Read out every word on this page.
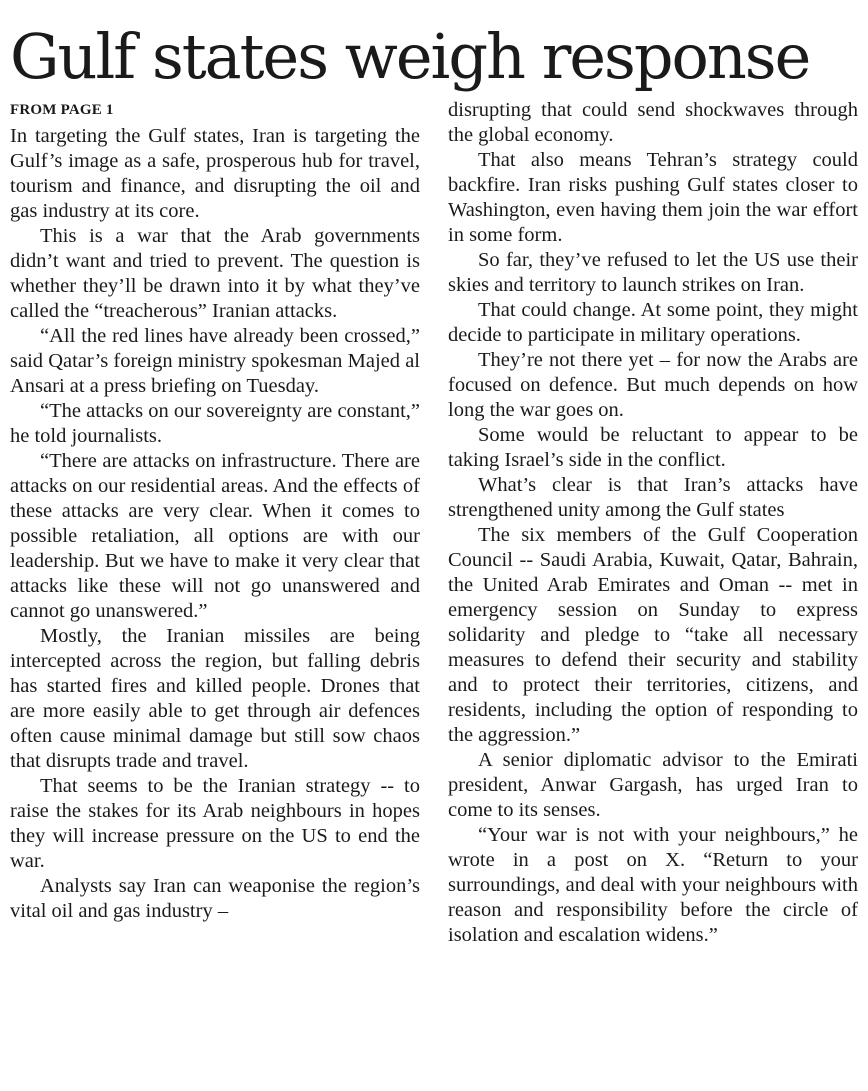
Gulf states weigh response
FROM PAGE 1

In targeting the Gulf states, Iran is targeting the Gulf’s image as a safe, prosperous hub for travel, tourism and finance, and disrupting the oil and gas industry at its core.

This is a war that the Arab governments didn’t want and tried to prevent. The question is whether they’ll be drawn into it by what they’ve called the “treacherous” Iranian attacks.

“All the red lines have already been crossed,” said Qatar’s foreign ministry spokesman Majed al Ansari at a press briefing on Tuesday.

“The attacks on our sovereignty are constant,” he told journalists.

“There are attacks on infrastructure. There are attacks on our residential areas. And the effects of these attacks are very clear. When it comes to possible retaliation, all options are with our leadership. But we have to make it very clear that attacks like these will not go unanswered and cannot go unanswered.”

Mostly, the Iranian missiles are being intercepted across the region, but falling debris has started fires and killed people. Drones that are more easily able to get through air defences often cause minimal damage but still sow chaos that disrupts trade and travel.

That seems to be the Iranian strategy -- to raise the stakes for its Arab neighbours in hopes they will increase pressure on the US to end the war.

Analysts say Iran can weaponise the region’s vital oil and gas industry –

disrupting that could send shockwaves through the global economy.

That also means Tehran’s strategy could backfire. Iran risks pushing Gulf states closer to Washington, even having them join the war effort in some form.

So far, they’ve refused to let the US use their skies and territory to launch strikes on Iran.

That could change. At some point, they might decide to participate in military operations.

They’re not there yet – for now the Arabs are focused on defence. But much depends on how long the war goes on.

Some would be reluctant to appear to be taking Israel’s side in the conflict.

What’s clear is that Iran’s attacks have strengthened unity among the Gulf states

The six members of the Gulf Cooperation Council -- Saudi Arabia, Kuwait, Qatar, Bahrain, the United Arab Emirates and Oman -- met in emergency session on Sunday to express solidarity and pledge to “take all necessary measures to defend their security and stability and to protect their territories, citizens, and residents, including the option of responding to the aggression.”

A senior diplomatic advisor to the Emirati president, Anwar Gargash, has urged Iran to come to its senses.

“Your war is not with your neighbours,” he wrote in a post on X. “Return to your surroundings, and deal with your neighbours with reason and responsibility before the circle of isolation and escalation widens.”
